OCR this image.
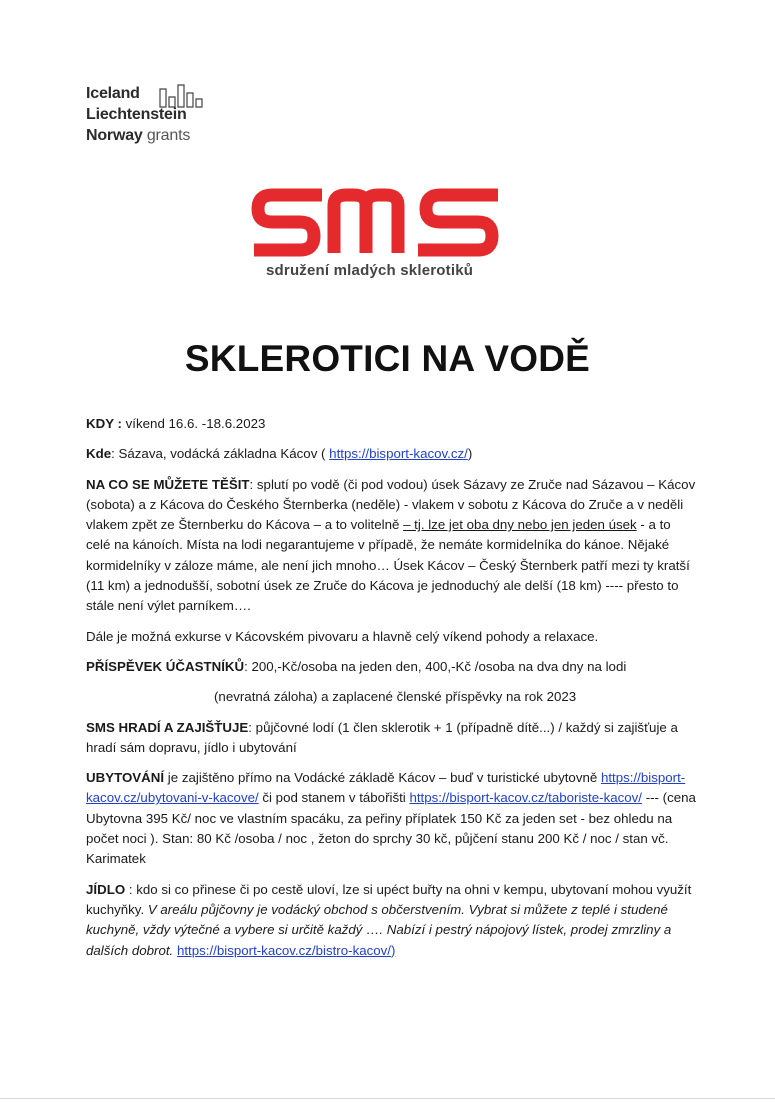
Iceland
Liechtenstein
Norway grants
sdružení mladých sklerotiků
SKLEROTICI NA VODĚ

KDY : víkend 16.6. -18.6.2023

Kde: Sázava, vodácká základna Kácov ( https://bisport-kacov.cz/)

NA CO SE MŮŽETE TĚŠIT: splutí po vodě (či pod vodou) úsek Sázavy ze Zruče nad Sázavou – Kácov (sobota) a z Kácova do Českého Šternberka (neděle) - vlakem v sobotu z Kácova do Zruče a v neděli vlakem zpět ze Šternberku do Kácova – a to volitelně – tj. lze jet oba dny nebo jen jeden úsek - a to celé na kánoích. Místa na lodi negarantujeme v případě, že nemáte kormidelníka do kánoe. Nějaké kormidelníky v záloze máme, ale není jich mnoho… Úsek Kácov – Český Šternberk patří mezi ty kratší (11 km) a jednodušší, sobotní úsek ze Zruče do Kácova je jednoduchý ale delší (18 km) ---- přesto to stále není výlet parníkem….

Dále je možná exkurse v Kácovském pivovaru a hlavně celý víkend pohody a relaxace.

PŘÍSPĚVEK ÚČASTNÍKŮ: 200,-Kč/osoba na jeden den, 400,-Kč /osoba na dva dny na lodi

(nevratná záloha) a zaplacené členské příspěvky na rok 2023

SMS HRADÍ A ZAJIŠŤUJE: půjčovné lodí (1 člen sklerotik + 1 (případně dítě...) / každý si zajišťuje a hradí sám dopravu, jídlo i ubytování

UBYTOVÁNÍ je zajištěno přímo na Vodácké základě Kácov – buď v turistické ubytovně https://bisport-kacov.cz/ubytovani-v-kacove/ či pod stanem v tábořišti https://bisport-kacov.cz/taboriste-kacov/ --- (cena Ubytovna 395 Kč/ noc ve vlastním spacáku, za peřiny příplatek 150 Kč za jeden set - bez ohledu na počet noci ). Stan: 80 Kč /osoba / noc , žeton do sprchy 30 kč, půjčení stanu 200 Kč / noc / stan vč. Karimatek

JÍDLO : kdo si co přinese či po cestě uloví, lze si upéct buřty na ohni v kempu, ubytovaní mohou využít kuchyňky. V areálu půjčovny je vodácký obchod s občerstvením. Vybrat si můžete z teplé i studené kuchyně, vždy výtečné a vybere si určitě každý …. Nabízí i pestrý nápojový lístek, prodej zmrzliny a dalších dobrot. https://bisport-kacov.cz/bistro-kacov/)
